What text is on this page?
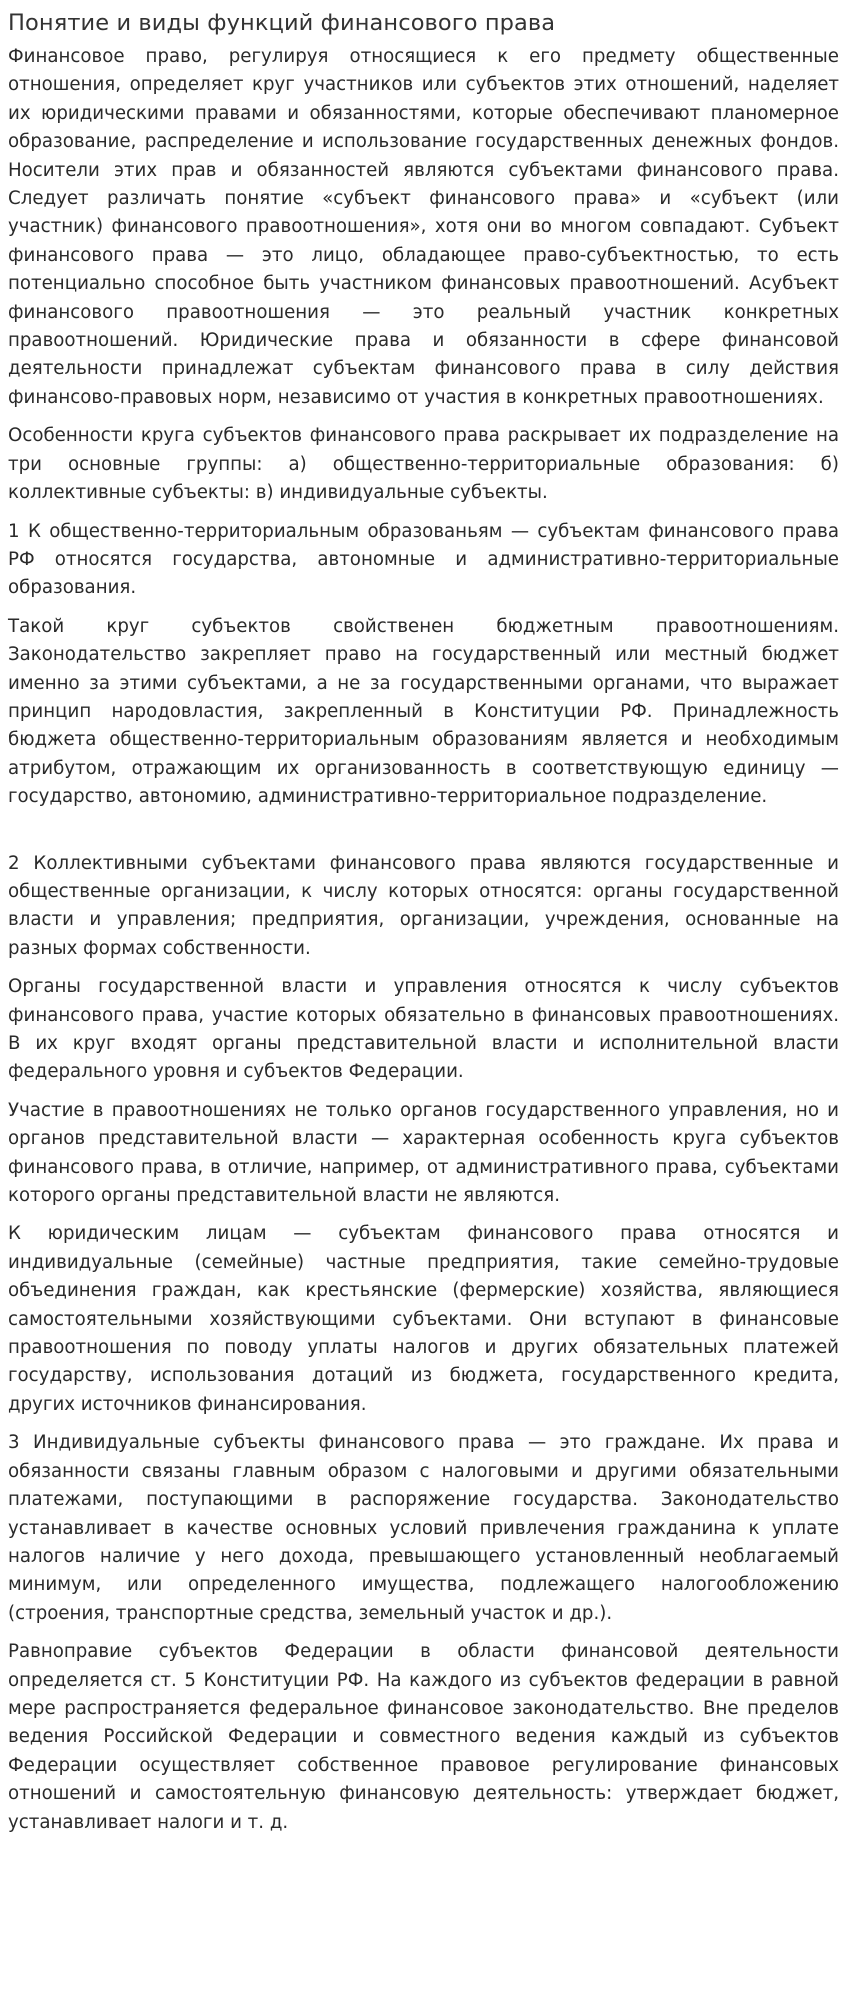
Понятие и виды функций финансового права

Финансовое право, регулируя относящиеся к его предмету общественные отношения, определяет круг участников или субъектов этих отношений, наделяет их юридическими правами и обязанностями, которые обеспечивают планомерное образование, распределение и использование государственных денежных фондов. Носители этих прав и обязанностей являются субъектами финансового права. Следует различать понятие «субъект финансового права» и «субъект (или участник) финансового правоотношения», хотя они во многом совпадают. Субъект финансового права — это лицо, обладающее право-субъектностью, то есть потенциально способное быть участником финансовых правоотношений. Асубъект финансового правоотношения — это реальный участник конкретных правоотношений. Юридические права и обязанности в сфере финансовой деятельности принадлежат субъектам финансового права в силу действия финансово-правовых норм, независимо от участия в конкретных правоотношениях.

Особенности круга субъектов финансового права раскрывает их подразделение на три основные группы: а) общественно-территориальные образования: б) коллективные субъекты: в) индивидуальные субъекты.

1 К общественно-территориальным образованьям — субъектам финансового права РФ относятся государства, автономные и административно-территориальные образования.

Такой круг субъектов свойственен бюджетным правоотношениям. Законодательство закрепляет право на государственный или местный бюджет именно за этими субъектами, а не за государственными органами, что выражает принцип народовластия, закрепленный в Конституции РФ. Принадлежность бюджета общественно-территориальным образованиям является и необходимым атрибутом, отражающим их организованность в соответствующую единицу — государство, автономию, административно-территориальное подразделение.

2 Коллективными субъектами финансового права являются государственные и общественные организации, к числу которых относятся: органы государственной власти и управления; предприятия, организации, учреждения, основанные на разных формах собственности.

Органы государственной власти и управления относятся к числу субъектов финансового права, участие которых обязательно в финансовых правоотношениях. В их круг входят органы представительной власти и исполнительной власти федерального уровня и субъектов Федерации.

Участие в правоотношениях не только органов государственного управления, но и органов представительной власти — характерная особенность круга субъектов финансового права, в отличие, например, от административного права, субъектами которого органы представительной власти не являются.

К юридическим лицам — субъектам финансового права относятся и индивидуальные (семейные) частные предприятия, такие семейно-трудовые объединения граждан, как крестьянские (фермерские) хозяйства, являющиеся самостоятельными хозяйствующими субъектами. Они вступают в финансовые правоотношения по поводу уплаты налогов и других обязательных платежей государству, использования дотаций из бюджета, государственного кредита, других источников финансирования.

3 Индивидуальные субъекты финансового права — это граждане. Их права и обязанности связаны главным образом с налоговыми и другими обязательными платежами, поступающими в распоряжение государства. Законодательство устанавливает в качестве основных условий привлечения гражданина к уплате налогов наличие у него дохода, превышающего установленный необлагаемый минимум, или определенного имущества, подлежащего налогообложению (строения, транспортные средства, земельный участок и др.).

Равноправие субъектов Федерации в области финансовой деятельности определяется ст. 5 Конституции РФ. На каждого из субъектов федерации в равной мере распространяется федеральное финансовое законодательство. Вне пределов ведения Российской Федерации и совместного ведения каждый из субъектов Федерации осуществляет собственное правовое регулирование финансовых отношений и самостоятельную финансовую деятельность: утверждает бюджет, устанавливает налоги и т. д.
